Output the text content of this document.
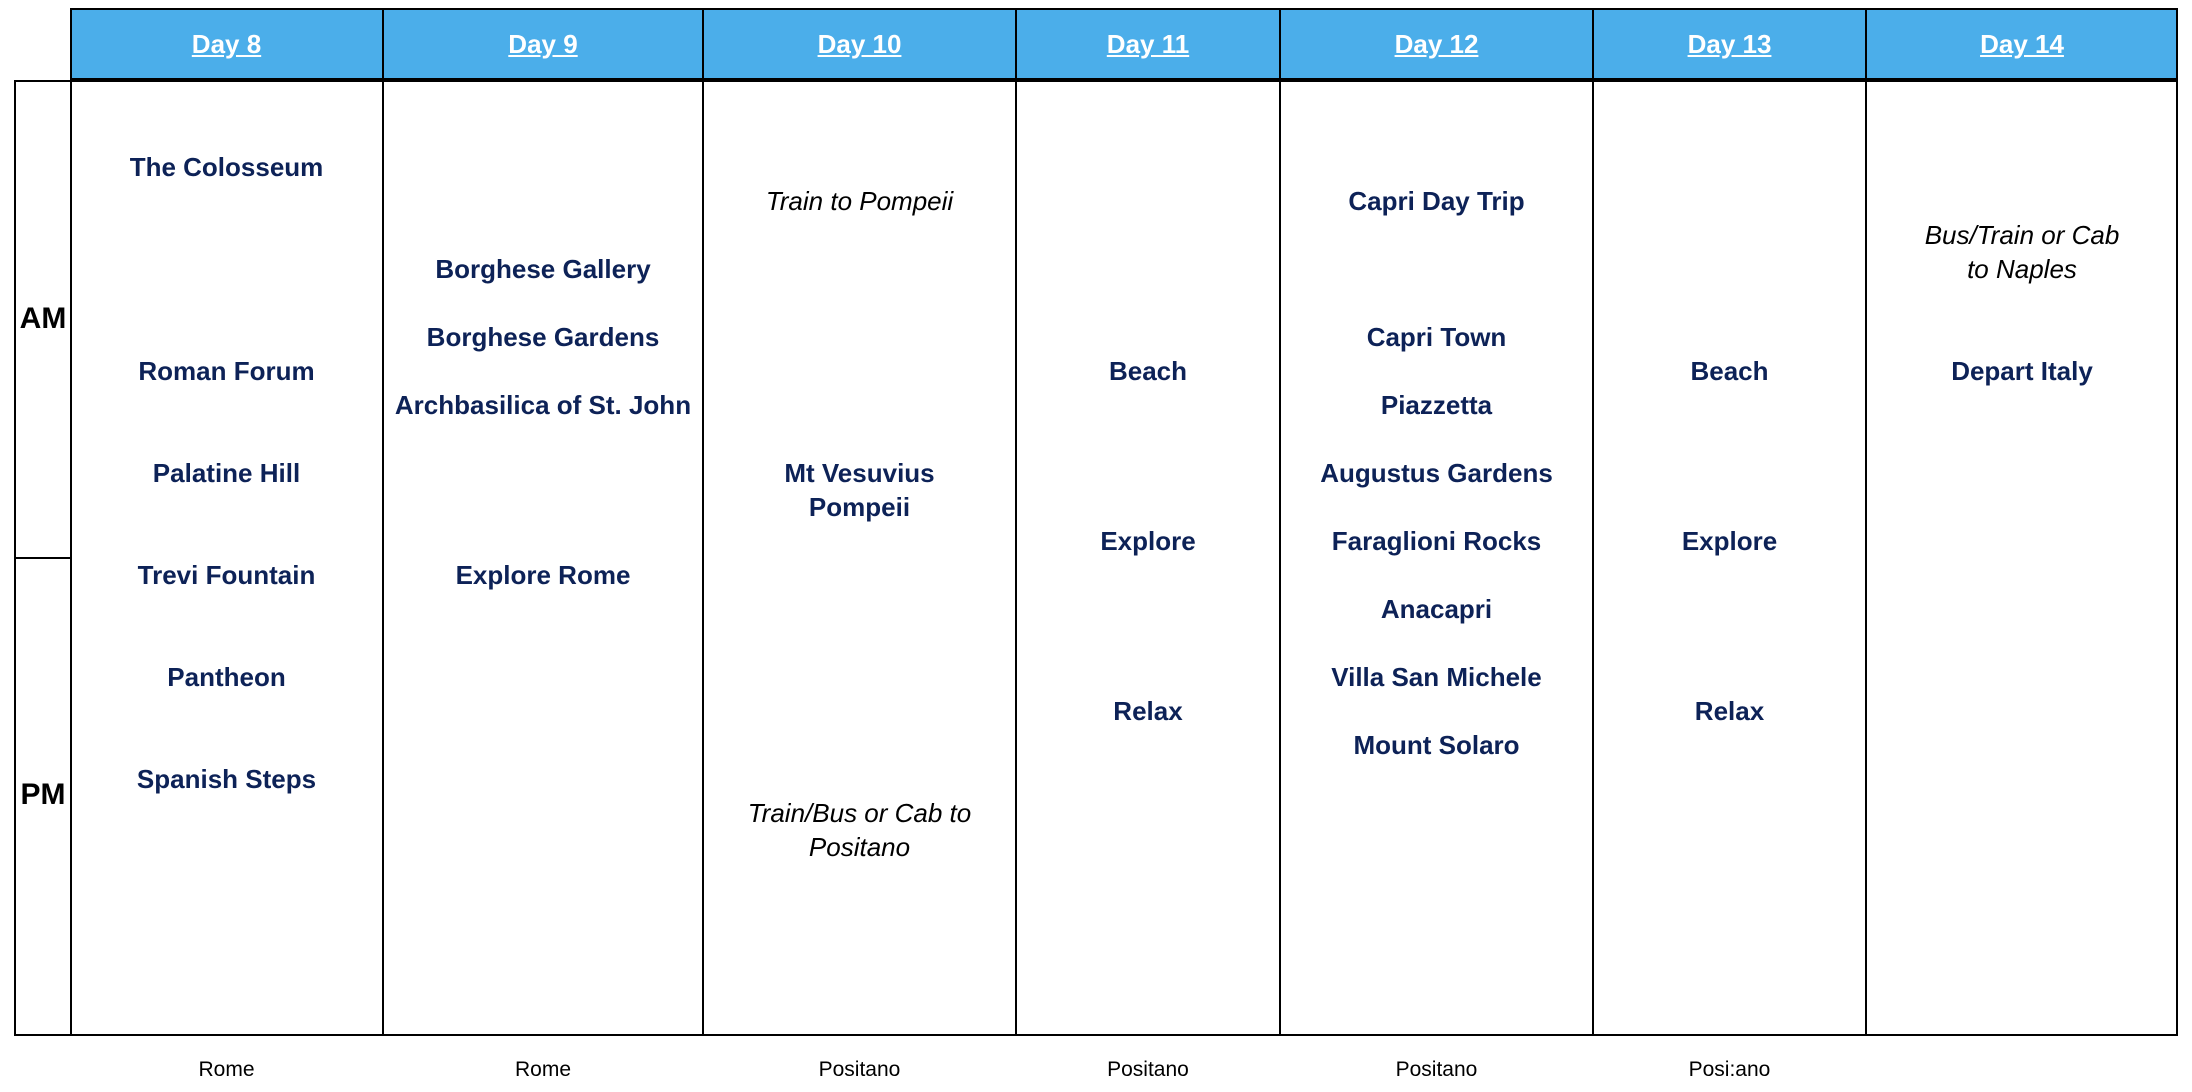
AM
PM
Day 8
The Colosseum
Roman Forum
Palatine Hill
Trevi Fountain
Pantheon
Spanish Steps
Rome
Day 9
Borghese Gallery
Borghese Gardens
Archbasilica of St. John
Explore Rome
Rome
Day 10
Train to Pompeii
Mt Vesuvius
Pompeii
Train/Bus or Cab to
Positano
Positano
Day 11
Beach
Explore
Relax
Positano
Day 12
Capri Day Trip
Capri Town
Piazzetta
Augustus Gardens
Faraglioni Rocks
Anacapri
Villa San Michele
Mount Solaro
Positano
Day 13
Beach
Explore
Relax
Posi:ano
Day 14
Bus/Train or Cab
to Naples
Depart Italy
